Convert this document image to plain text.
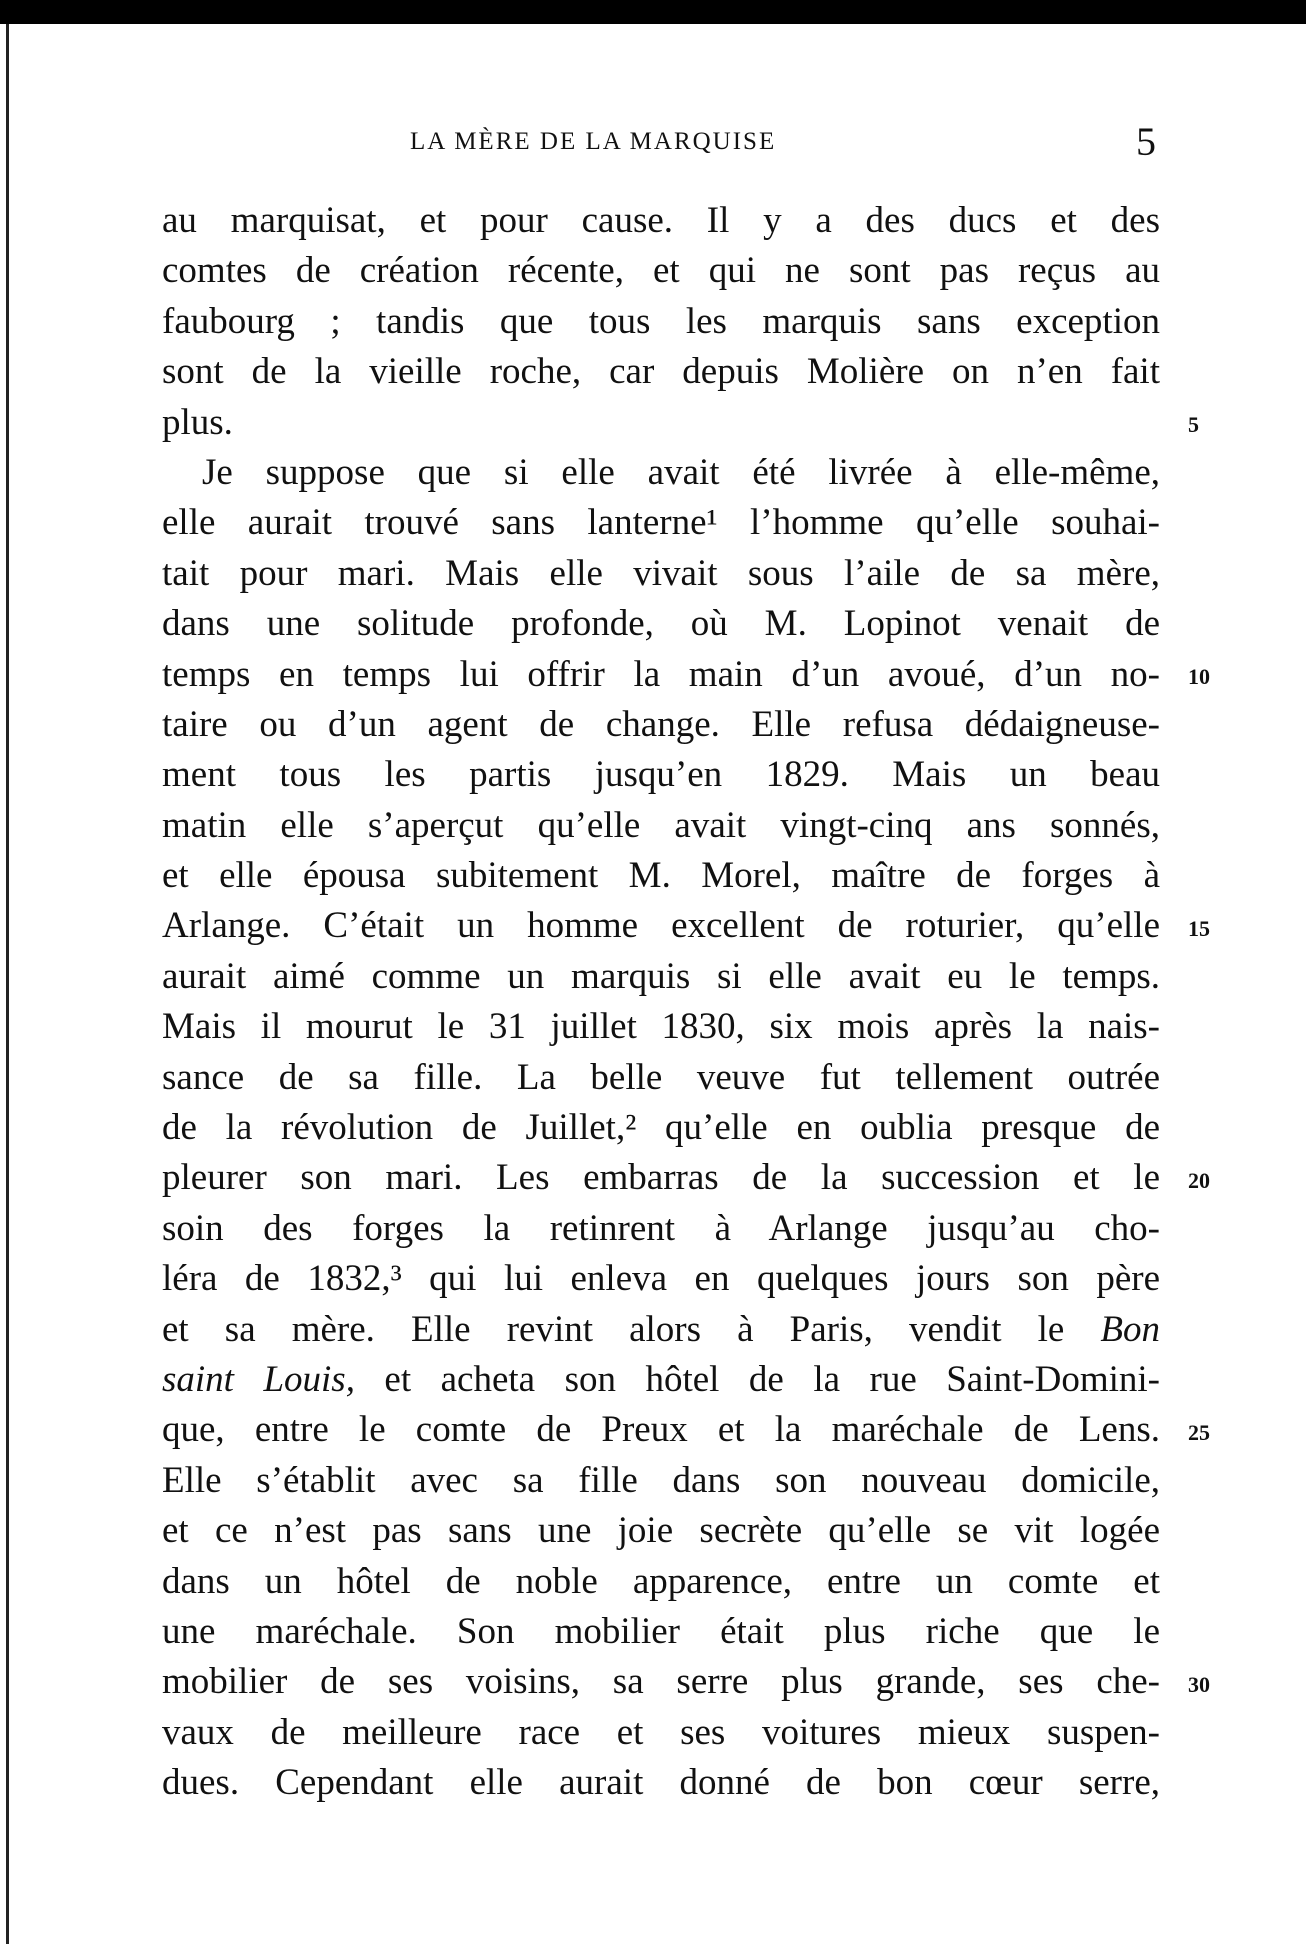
LA MÈRE DE LA MARQUISE	5
au marquisat, et pour cause. Il y a des ducs et des
comtes de création récente, et qui ne sont pas reçus au
faubourg ; tandis que tous les marquis sans exception
sont de la vieille roche, car depuis Molière on n’en fait
plus.
Je suppose que si elle avait été livrée à elle-même,
elle aurait trouvé sans lanterne¹ l’homme qu’elle souhai-
tait pour mari. Mais elle vivait sous l’aile de sa mère,
dans une solitude profonde, où M. Lopinot venait de
temps en temps lui offrir la main d’un avoué, d’un no-
taire ou d’un agent de change. Elle refusa dédaigneuse-
ment tous les partis jusqu’en 1829. Mais un beau
matin elle s’aperçut qu’elle avait vingt-cinq ans sonnés,
et elle épousa subitement M. Morel, maître de forges à
Arlange. C’était un homme excellent de roturier, qu’elle
aurait aimé comme un marquis si elle avait eu le temps.
Mais il mourut le 31 juillet 1830, six mois après la nais-
sance de sa fille. La belle veuve fut tellement outrée
de la révolution de Juillet,² qu’elle en oublia presque de
pleurer son mari. Les embarras de la succession et le
soin des forges la retinrent à Arlange jusqu’au cho-
léra de 1832,³ qui lui enleva en quelques jours son père
et sa mère. Elle revint alors à Paris, vendit le Bon
saint Louis, et acheta son hôtel de la rue Saint-Domini-
que, entre le comte de Preux et la maréchale de Lens.
Elle s’établit avec sa fille dans son nouveau domicile,
et ce n’est pas sans une joie secrète qu’elle se vit logée
dans un hôtel de noble apparence, entre un comte et
une maréchale. Son mobilier était plus riche que le
mobilier de ses voisins, sa serre plus grande, ses che-
vaux de meilleure race et ses voitures mieux suspen-
dues. Cependant elle aurait donné de bon cœur serre,
5
10
15
20
25
30
